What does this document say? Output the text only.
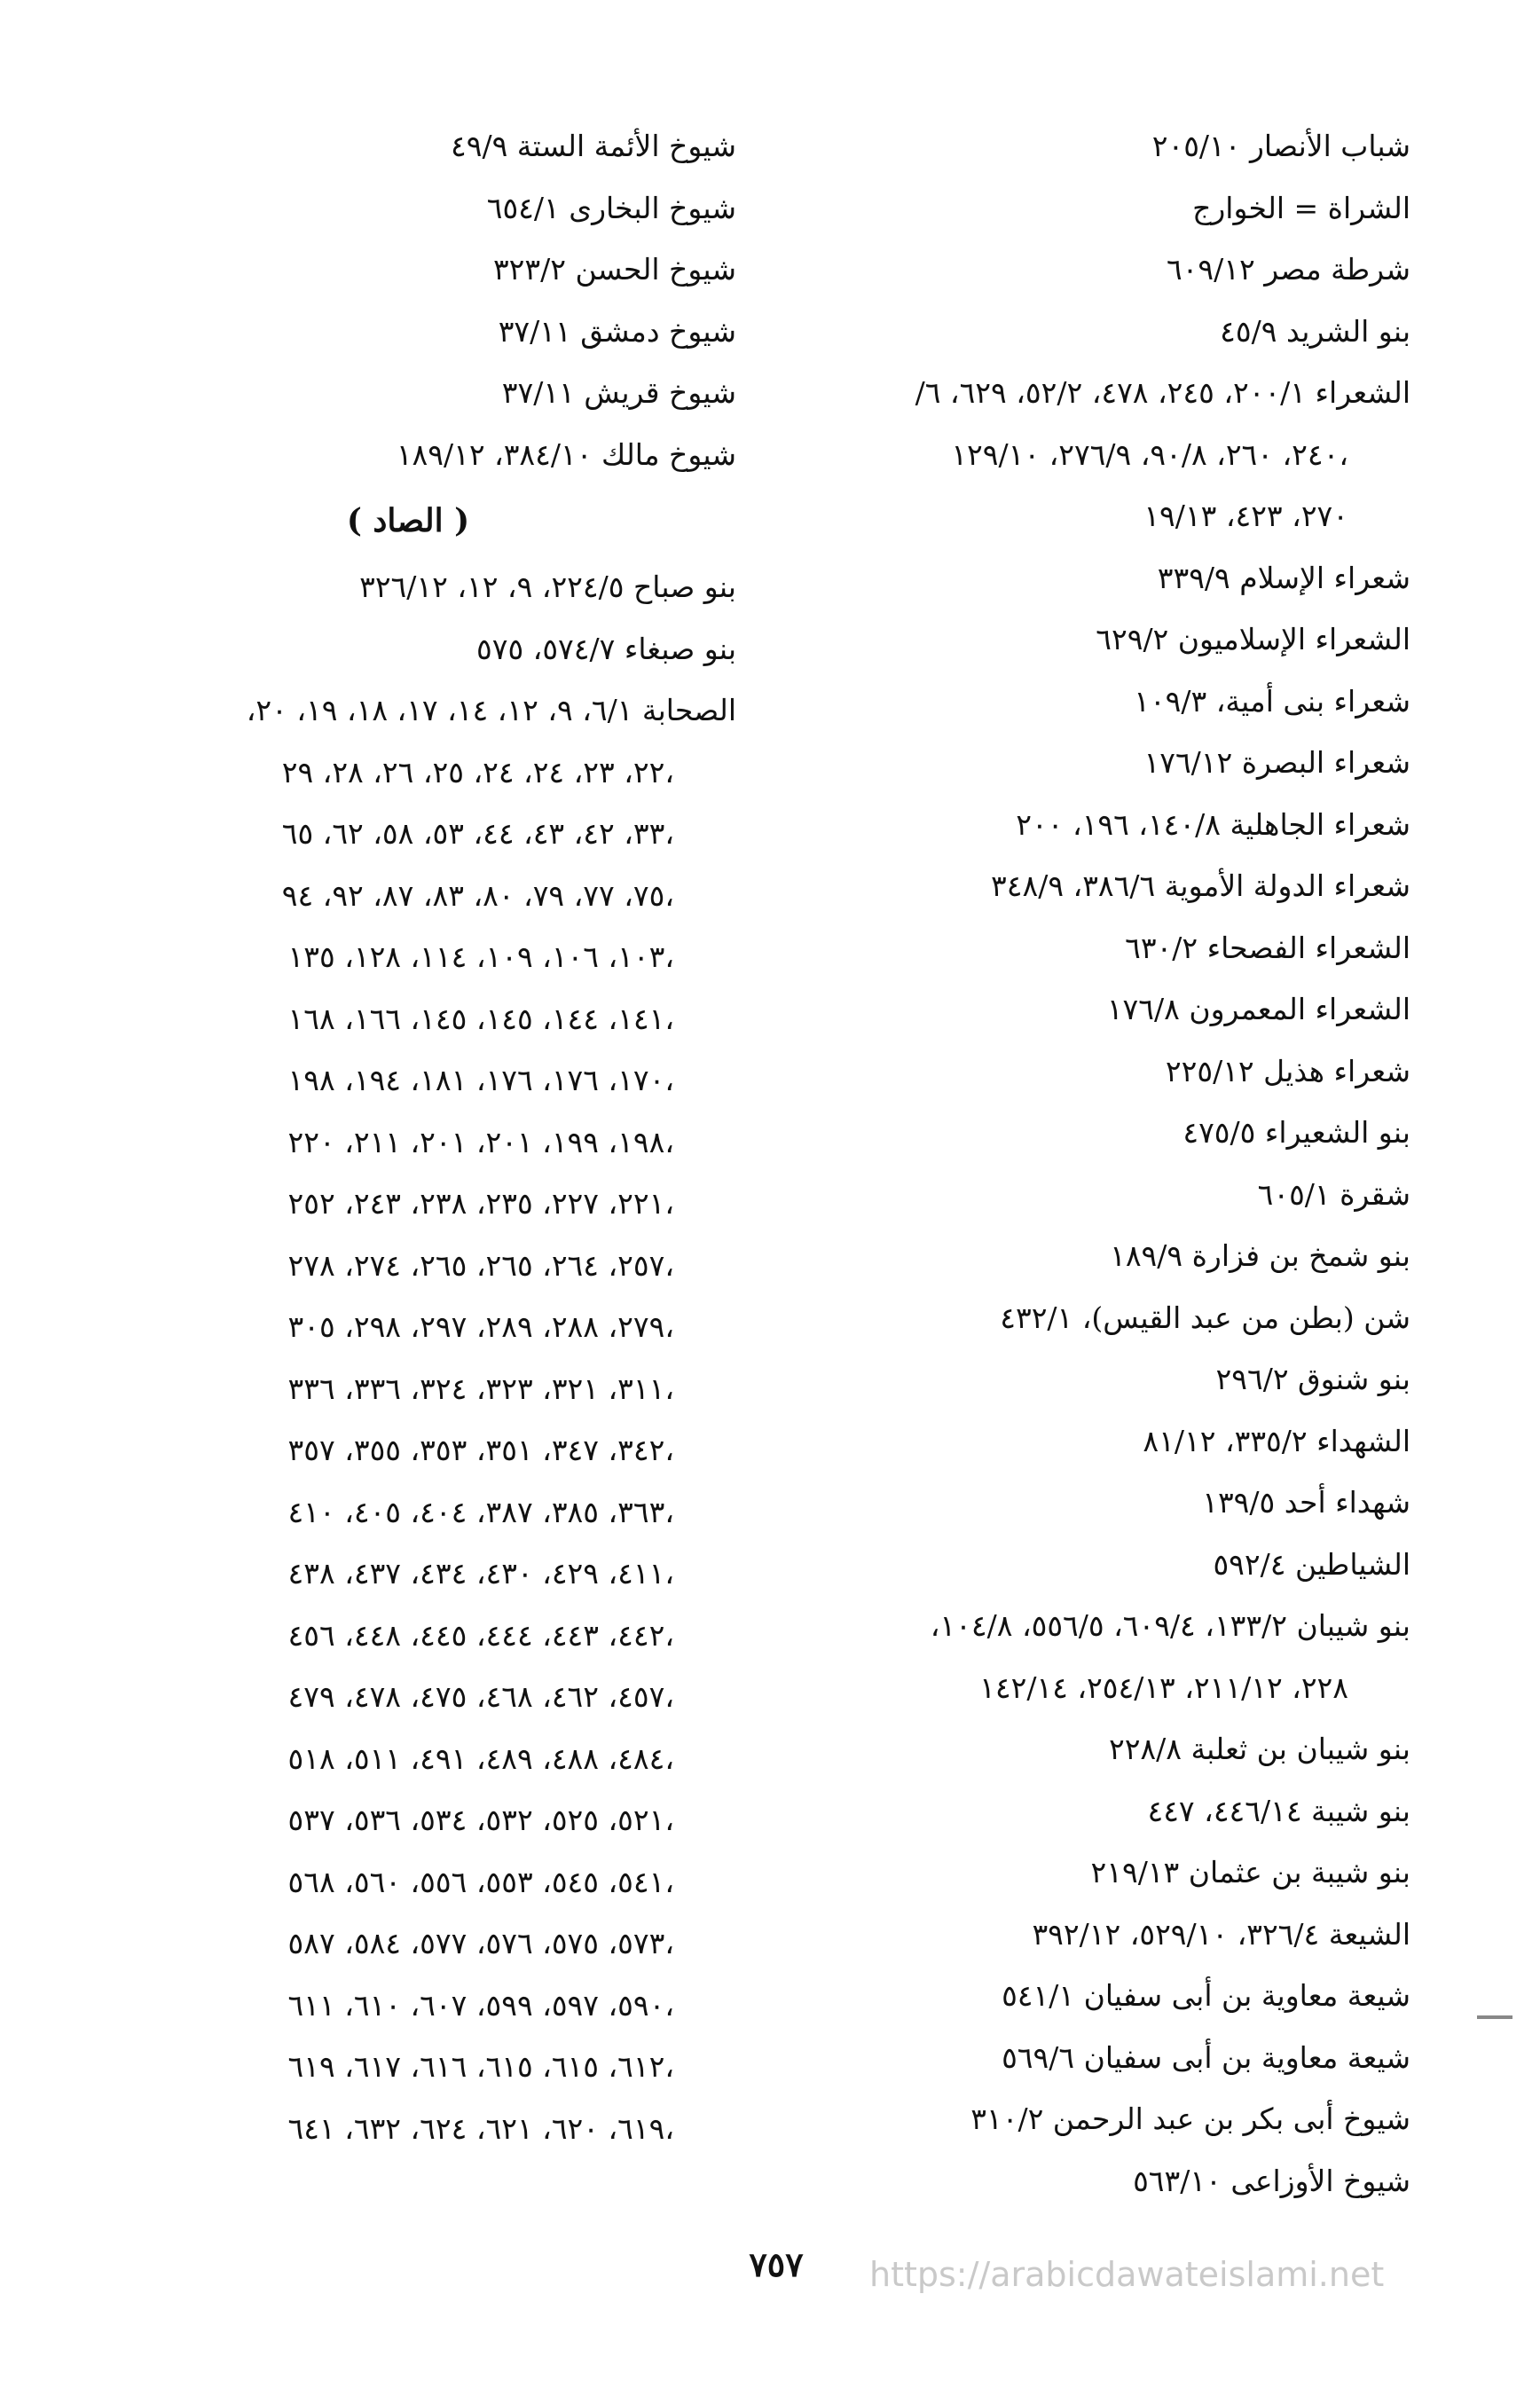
شباب الأنصار ٢٠٥/١٠
الشراة = الخوارج
شرطة مصر ٦٠٩/١٢
بنو الشريد ٤٥/٩
الشعراء ٢٠٠/١، ٢٤٥، ٤٧٨، ٥٢/٢، ٦٢٩، ٦/
٢٤٠، ٢٦٠، ٩٠/٨، ٢٧٦/٩، ١٢٩/١٠،
٢٧٠، ٤٢٣، ١٩/١٣
شعراء الإسلام ٣٣٩/٩
الشعراء الإسلاميون ٦٢٩/٢
شعراء بنى أمية، ١٠٩/٣
شعراء البصرة ١٧٦/١٢
شعراء الجاهلية ١٤٠/٨، ١٩٦، ٢٠٠
شعراء الدولة الأموية ٣٨٦/٦، ٣٤٨/٩
الشعراء الفصحاء ٦٣٠/٢
الشعراء المعمرون ١٧٦/٨
شعراء هذيل ٢٢٥/١٢
بنو الشعيراء ٤٧٥/٥
شقرة ٦٠٥/١
بنو شمخ بن فزارة ١٨٩/٩
شن (بطن من عبد القيس)، ٤٣٢/١
بنو شنوق ٢٩٦/٢
الشهداء ٣٣٥/٢، ٨١/١٢
شهداء أحد ١٣٩/٥
الشياطين ٥٩٢/٤
بنو شيبان ١٣٣/٢، ٦٠٩/٤، ٥٥٦/٥، ١٠٤/٨،
٢٢٨، ٢١١/١٢، ٢٥٤/١٣، ١٤٢/١٤
بنو شيبان بن ثعلبة ٢٢٨/٨
بنو شيبة ٤٤٦/١٤، ٤٤٧
بنو شيبة بن عثمان ٢١٩/١٣
الشيعة ٣٢٦/٤، ٥٢٩/١٠، ٣٩٢/١٢
شيعة معاوية بن أبى سفيان ٥٤١/١
شيعة معاوية بن أبى سفيان ٥٦٩/٦
شيوخ أبى بكر بن عبد الرحمن ٣١٠/٢
شيوخ الأوزاعى ٥٦٣/١٠
شيوخ الأئمة الستة ٤٩/٩
شيوخ البخارى ٦٥٤/١
شيوخ الحسن ٣٢٣/٢
شيوخ دمشق ٣٧/١١
شيوخ قريش ٣٧/١١
شيوخ مالك ٣٨٤/١٠، ١٨٩/١٢
( الصاد )
بنو صباح ٢٢٤/٥، ٩، ١٢، ٣٢٦/١٢
بنو صبغاء ٥٧٤/٧، ٥٧٥
الصحابة ٦/١، ٩، ١٢، ١٤، ١٧، ١٨، ١٩، ٢٠،
٢٢، ٢٣، ٢٤، ٢٤، ٢٥، ٢٦، ٢٨، ٢٩،
٣٣، ٤٢، ٤٣، ٤٤، ٥٣، ٥٨، ٦٢، ٦٥،
٧٥، ٧٧، ٧٩، ٨٠، ٨٣، ٨٧، ٩٢، ٩٤،
١٠٣، ١٠٦، ١٠٩، ١١٤، ١٢٨، ١٣٥،
١٤١، ١٤٤، ١٤٥، ١٤٥، ١٦٦، ١٦٨،
١٧٠، ١٧٦، ١٧٦، ١٨١، ١٩٤، ١٩٨،
١٩٨، ١٩٩، ٢٠١، ٢٠١، ٢١١، ٢٢٠،
٢٢١، ٢٢٧، ٢٣٥، ٢٣٨، ٢٤٣، ٢٥٢،
٢٥٧، ٢٦٤، ٢٦٥، ٢٦٥، ٢٧٤، ٢٧٨،
٢٧٩، ٢٨٨، ٢٨٩، ٢٩٧، ٢٩٨، ٣٠٥،
٣١١، ٣٢١، ٣٢٣، ٣٢٤، ٣٣٦، ٣٣٦،
٣٤٢، ٣٤٧، ٣٥١، ٣٥٣، ٣٥٥، ٣٥٧،
٣٦٣، ٣٨٥، ٣٨٧، ٤٠٤، ٤٠٥، ٤١٠،
٤١١، ٤٢٩، ٤٣٠، ٤٣٤، ٤٣٧، ٤٣٨،
٤٤٢، ٤٤٣، ٤٤٤، ٤٤٥، ٤٤٨، ٤٥٦،
٤٥٧، ٤٦٢، ٤٦٨، ٤٧٥، ٤٧٨، ٤٧٩،
٤٨٤، ٤٨٨، ٤٨٩، ٤٩١، ٥١١، ٥١٨،
٥٢١، ٥٢٥، ٥٣٢، ٥٣٤، ٥٣٦، ٥٣٧،
٥٤١، ٥٤٥، ٥٥٣، ٥٥٦، ٥٦٠، ٥٦٨،
٥٧٣، ٥٧٥، ٥٧٦، ٥٧٧، ٥٨٤، ٥٨٧،
٥٩٠، ٥٩٧، ٥٩٩، ٦٠٧، ٦١٠، ٦١١،
٦١٢، ٦١٥، ٦١٥، ٦١٦، ٦١٧، ٦١٩،
٦١٩، ٦٢٠، ٦٢١، ٦٢٤، ٦٣٢، ٦٤١،
٧٥٧	https://arabicdawateislami.net
